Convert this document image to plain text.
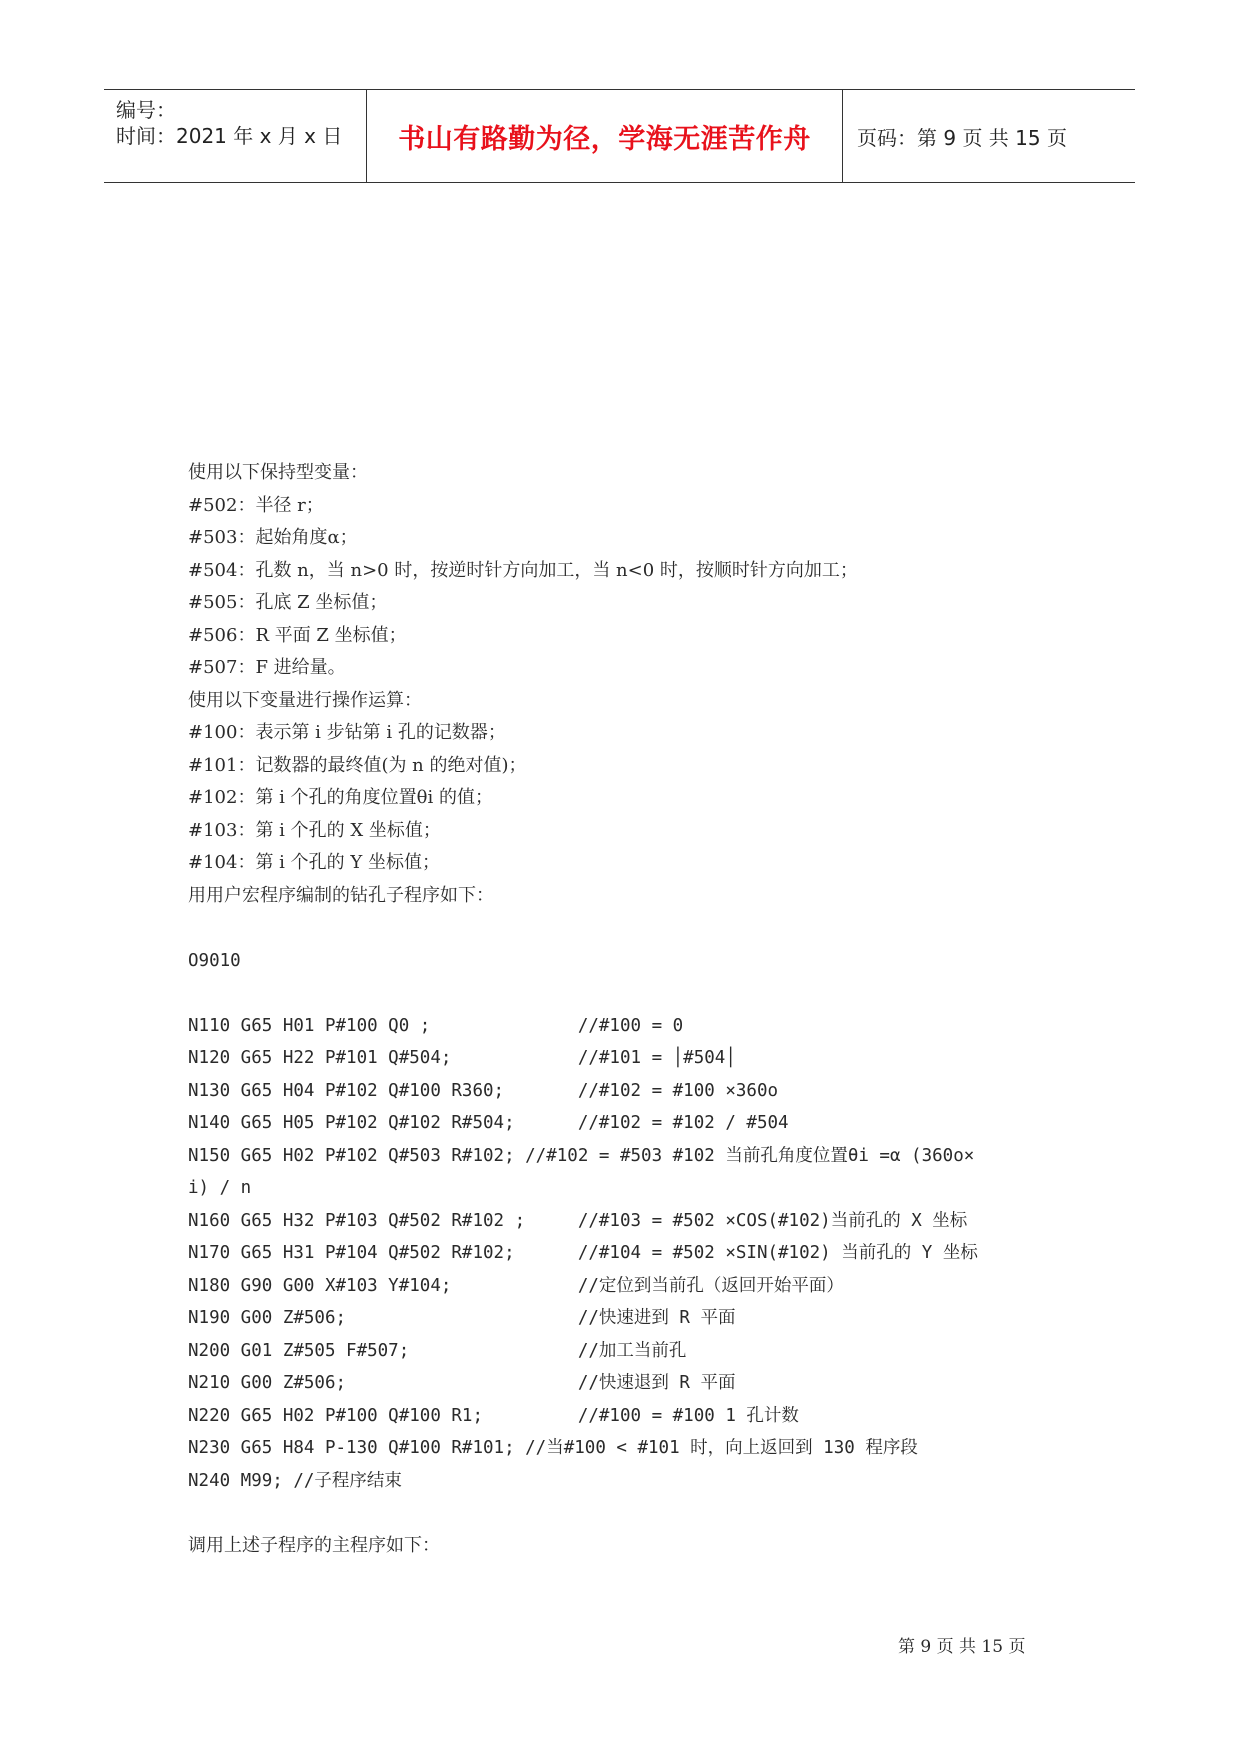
编号：
时间：2021 年 x 月 x 日 书山有路勤为径，学海无涯苦作舟 页码：第 9 页 共 15 页
使用以下保持型变量：
#502：半径 r；
#503：起始角度α；
#504：孔数 n，当 n>0 时，按逆时针方向加工，当 n<0 时，按顺时针方向加工；
#505：孔底 Z 坐标值；
#506：R 平面 Z 坐标值；
#507：F 进给量。
使用以下变量进行操作运算：
#100：表示第 i 步钻第 i 孔的记数器；
#101：记数器的最终值(为 n 的绝对值)；
#102：第 i 个孔的角度位置θi 的值；
#103：第 i 个孔的 X 坐标值；
#104：第 i 个孔的 Y 坐标值；
用用户宏程序编制的钻孔子程序如下：
O9010
N110 G65 H01 P#100 Q0 ;              //#100 = 0
N120 G65 H22 P#101 Q#504;            //#101 = │#504│
N130 G65 H04 P#102 Q#100 R360;       //#102 = #100 ×360o
N140 G65 H05 P#102 Q#102 R#504;      //#102 = #102 / #504
N150 G65 H02 P#102 Q#503 R#102; //#102 = #503 #102 当前孔角度位置θi =α (360o×
i) / n
N160 G65 H32 P#103 Q#502 R#102 ;     //#103 = #502 ×COS(#102)当前孔的 X 坐标
N170 G65 H31 P#104 Q#502 R#102;      //#104 = #502 ×SIN(#102) 当前孔的 Y 坐标
N180 G90 G00 X#103 Y#104;            //定位到当前孔（返回开始平面）
N190 G00 Z#506;                      //快速进到 R 平面
N200 G01 Z#505 F#507;                //加工当前孔
N210 G00 Z#506;                      //快速退到 R 平面
N220 G65 H02 P#100 Q#100 R1;         //#100 = #100 1 孔计数
N230 G65 H84 P-130 Q#100 R#101; //当#100 < #101 时，向上返回到 130 程序段
N240 M99; //子程序结束
调用上述子程序的主程序如下：
第 9 页 共 15 页
